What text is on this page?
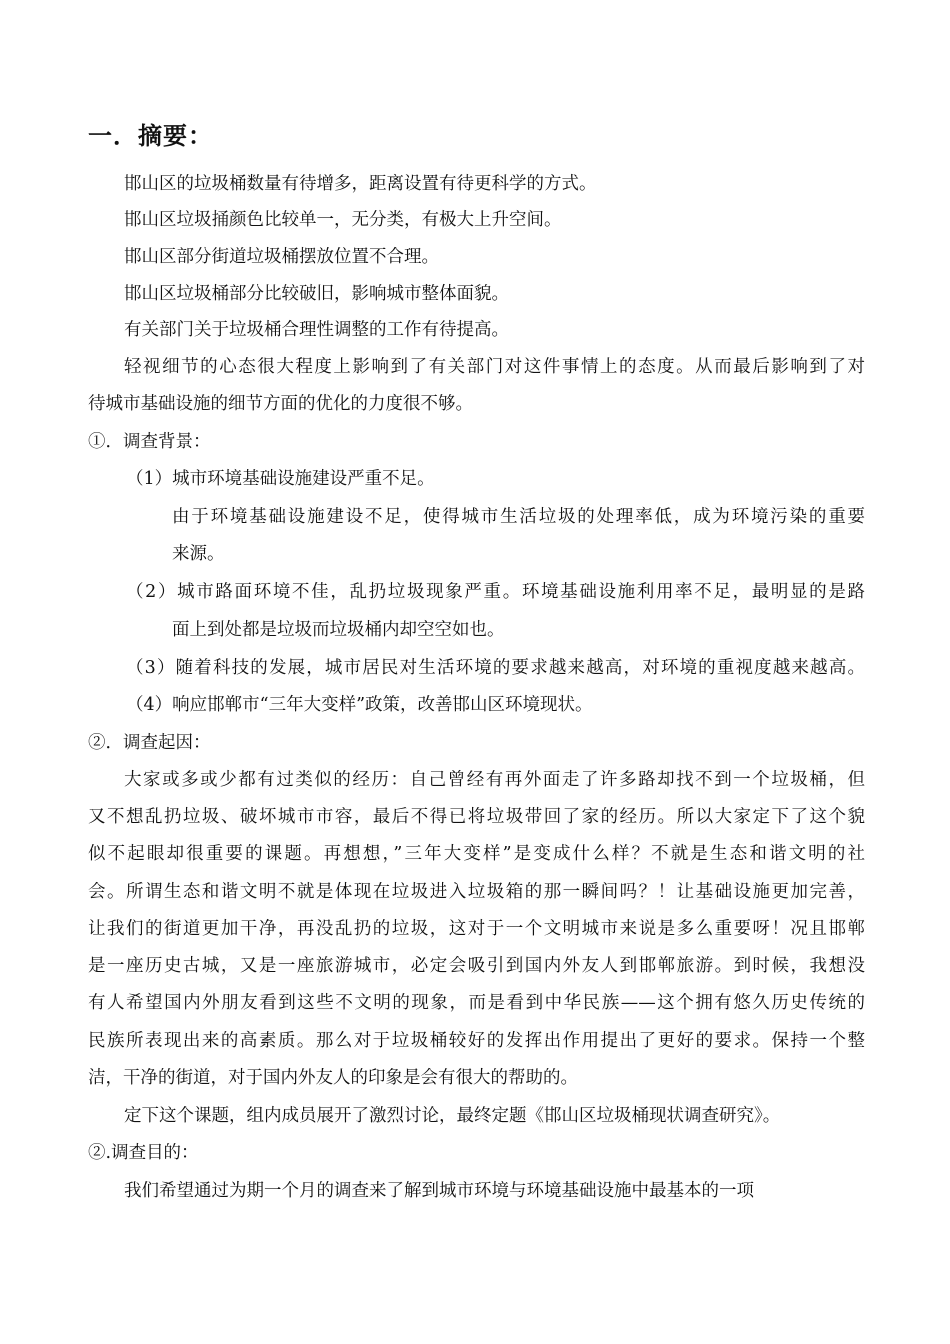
一．摘要：
邯山区的垃圾桶数量有待增多，距离设置有待更科学的方式。
邯山区垃圾捅颜色比较单一，无分类，有极大上升空间。
邯山区部分街道垃圾桶摆放位置不合理。
邯山区垃圾桶部分比较破旧，影响城市整体面貌。
有关部门关于垃圾桶合理性调整的工作有待提高。
轻视细节的心态很大程度上影响到了有关部门对这件事情上的态度。从而最后影响到了对
待城市基础设施的细节方面的优化的力度很不够。
①．调查背景：
（1）城市环境基础设施建设严重不足。
由于环境基础设施建设不足，使得城市生活垃圾的处理率低，成为环境污染的重要
来源。
（2）城市路面环境不佳，乱扔垃圾现象严重。环境基础设施利用率不足，最明显的是路
面上到处都是垃圾而垃圾桶内却空空如也。
（3）随着科技的发展，城市居民对生活环境的要求越来越高，对环境的重视度越来越高。
（4）响应邯郸市“三年大变样”政策，改善邯山区环境现状。
②．调查起因：
大家或多或少都有过类似的经历：自己曾经有再外面走了许多路却找不到一个垃圾桶，但
又不想乱扔垃圾、破坏城市市容，最后不得已将垃圾带回了家的经历。所以大家定下了这个貌
似不起眼却很重要的课题。再想想，”三年大变样”是变成什么样？不就是生态和谐文明的社
会。所谓生态和谐文明不就是体现在垃圾进入垃圾箱的那一瞬间吗？！让基础设施更加完善，
让我们的街道更加干净，再没乱扔的垃圾，这对于一个文明城市来说是多么重要呀！况且邯郸
是一座历史古城，又是一座旅游城市，必定会吸引到国内外友人到邯郸旅游。到时候，我想没
有人希望国内外朋友看到这些不文明的现象，而是看到中华民族——这个拥有悠久历史传统的
民族所表现出来的高素质。那么对于垃圾桶较好的发挥出作用提出了更好的要求。保持一个整
洁，干净的街道，对于国内外友人的印象是会有很大的帮助的。
定下这个课题，组内成员展开了激烈讨论，最终定题《邯山区垃圾桶现状调查研究》。
②.调查目的：
我们希望通过为期一个月的调查来了解到城市环境与环境基础设施中最基本的一项
